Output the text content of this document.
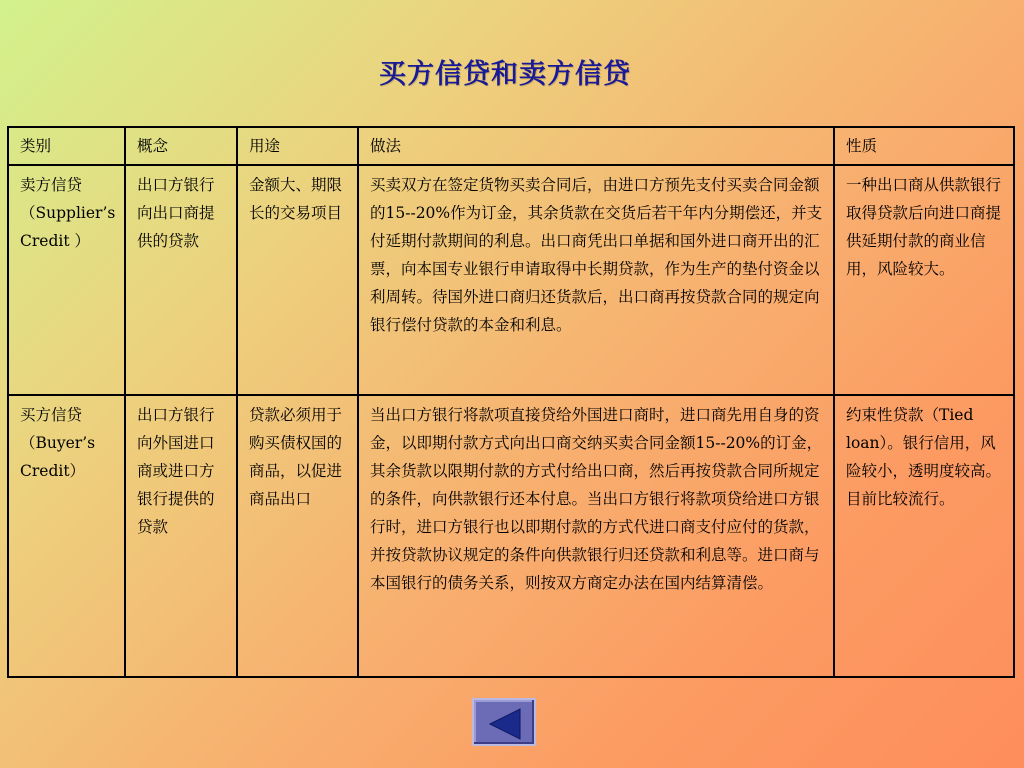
买方信贷和卖方信贷
类别	概念	用途	做法	性质
卖方信贷（Supplier’s Credit ）	出口方银行向出口商提供的贷款	金额大、期限长的交易项目	买卖双方在签定货物买卖合同后，由进口方预先支付买卖合同金额的15--20%作为订金，其余货款在交货后若干年内分期偿还，并支付延期付款期间的利息。出口商凭出口单据和国外进口商开出的汇票，向本国专业银行申请取得中长期贷款，作为生产的垫付资金以利周转。待国外进口商归还货款后，出口商再按贷款合同的规定向银行偿付贷款的本金和利息。	一种出口商从供款银行取得贷款后向进口商提供延期付款的商业信用，风险较大。
买方信贷（Buyer’s Credit）	出口方银行向外国进口商或进口方银行提供的贷款	贷款必须用于购买债权国的商品，以促进商品出口	当出口方银行将款项直接贷给外国进口商时，进口商先用自身的资金，以即期付款方式向出口商交纳买卖合同金额15--20%的订金，其余货款以限期付款的方式付给出口商，然后再按贷款合同所规定的条件，向供款银行还本付息。当出口方银行将款项贷给进口方银行时，进口方银行也以即期付款的方式代进口商支付应付的货款，并按贷款协议规定的条件向供款银行归还贷款和利息等。进口商与本国银行的债务关系，则按双方商定办法在国内结算清偿。	约束性贷款（Tied loan）。银行信用，风险较小，透明度较高。目前比较流行。
